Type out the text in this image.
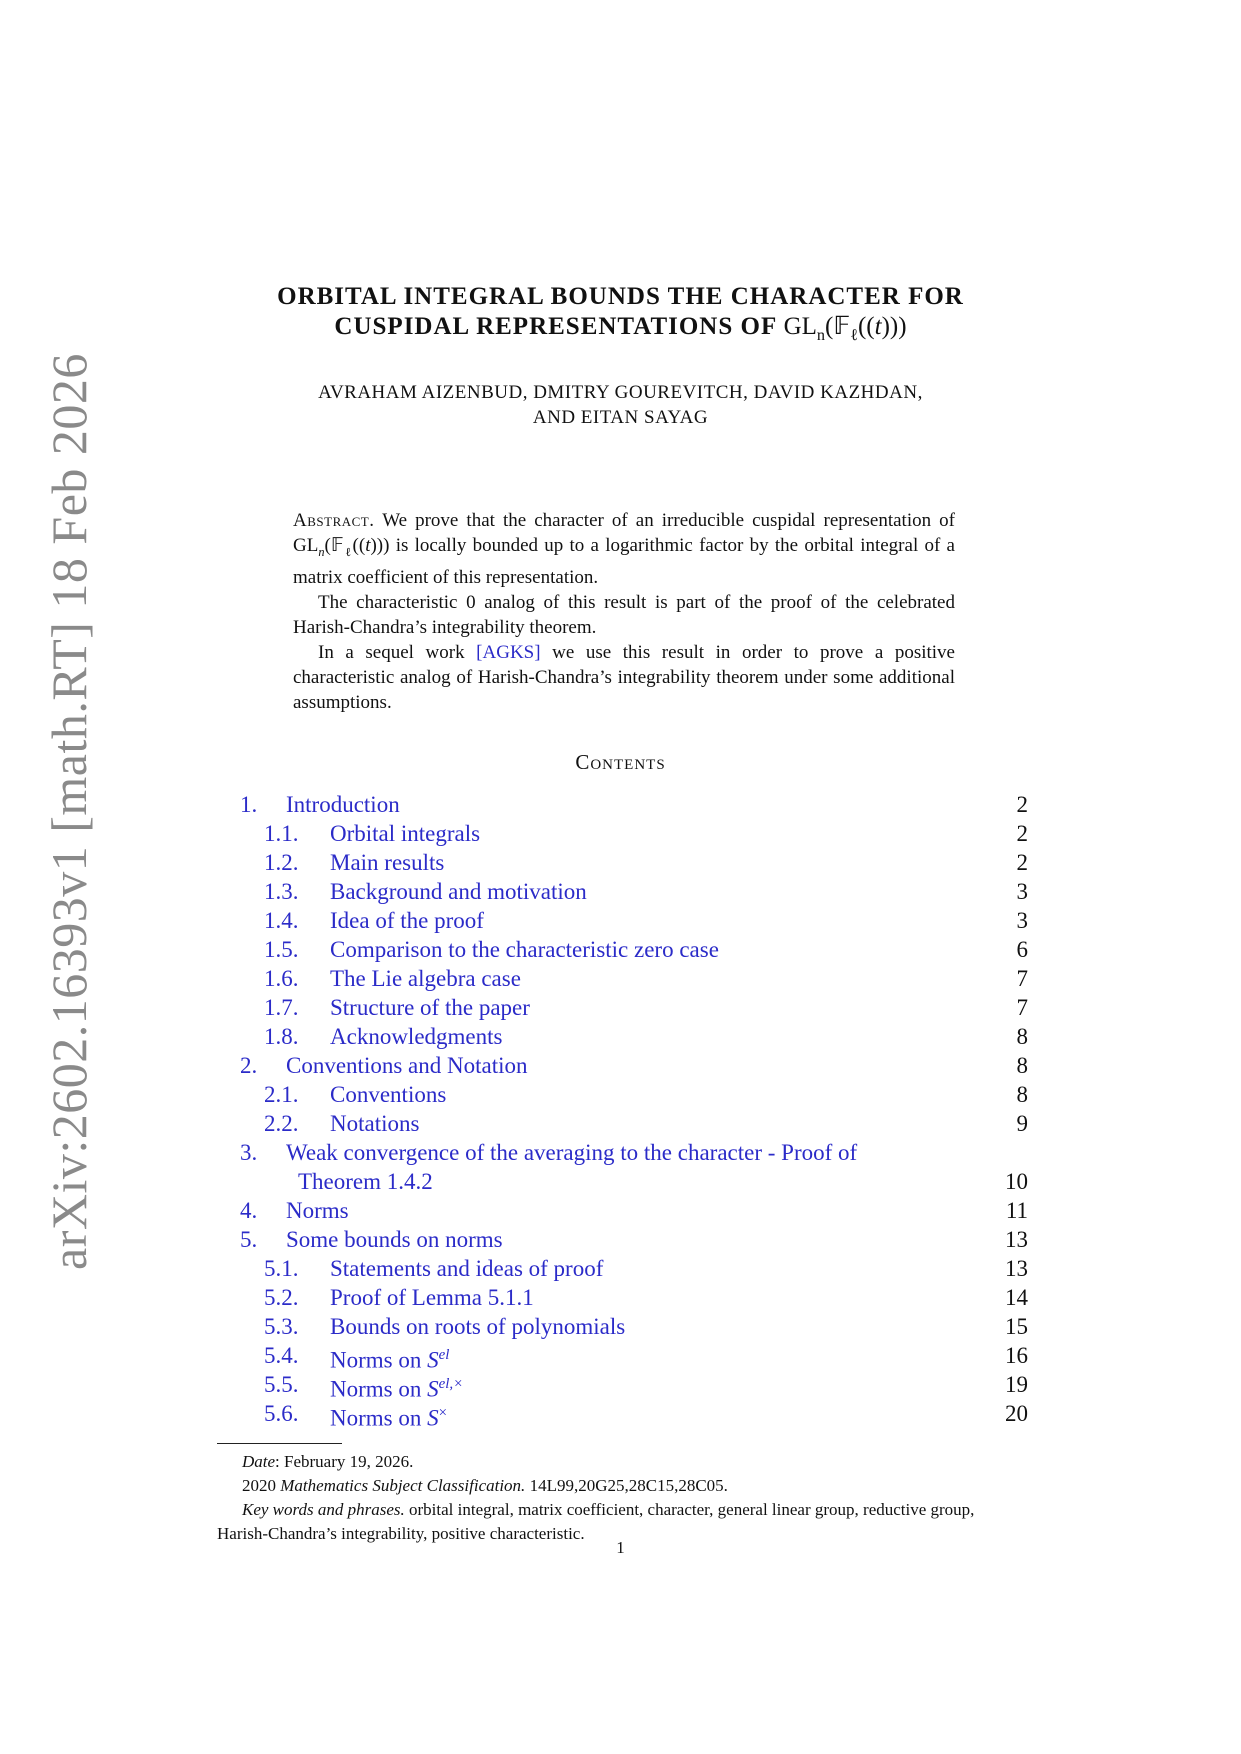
arXiv:2602.16393v1 [math.RT] 18 Feb 2026
ORBITAL INTEGRAL BOUNDS THE CHARACTER FOR
CUSPIDAL REPRESENTATIONS OF $GL_n(𝔽_\ell((t)))$
AVRAHAM AIZENBUD, DMITRY GOUREVITCH, DAVID KAZHDAN,
AND EITAN SAYAG

Abstract. We prove that the character of an irreducible cuspidal representation of $GL_n(𝔽_\ell((t)))$ is locally bounded up to a logarithmic factor by the orbital integral of a matrix coefficient of this representation.

The characteristic 0 analog of this result is part of the proof of the celebrated Harish-Chandra’s integrability theorem.

In a sequel work [AGKS] we use this result in order to prove a positive characteristic analog of Harish-Chandra’s integrability theorem under some additional assumptions.

Contents
1. Introduction	2
1.1. Orbital integrals	2
1.2. Main results	2
1.3. Background and motivation	3
1.4. Idea of the proof	3
1.5. Comparison to the characteristic zero case	6
1.6. The Lie algebra case	7
1.7. Structure of the paper	7
1.8. Acknowledgments	8
2. Conventions and Notation	8
2.1. Conventions	8
2.2. Notations	9
3. Weak convergence of the averaging to the character - Proof of
Theorem 1.4.2	10
4. Norms	11
5. Some bounds on norms	13
5.1. Statements and ideas of proof	13
5.2. Proof of Lemma 5.1.1	14
5.3. Bounds on roots of polynomials	15
5.4. Norms on $S^{el}$	16
5.5. Norms on $S^{el,\times}$	19
5.6. Norms on S×	20

Date: February 19, 2026.

2020 Mathematics Subject Classification. 14L99,20G25,28C15,28C05.

Key words and phrases. orbital integral, matrix coefficient, character, general linear group, reductive group, Harish-Chandra’s integrability, positive characteristic.

1
